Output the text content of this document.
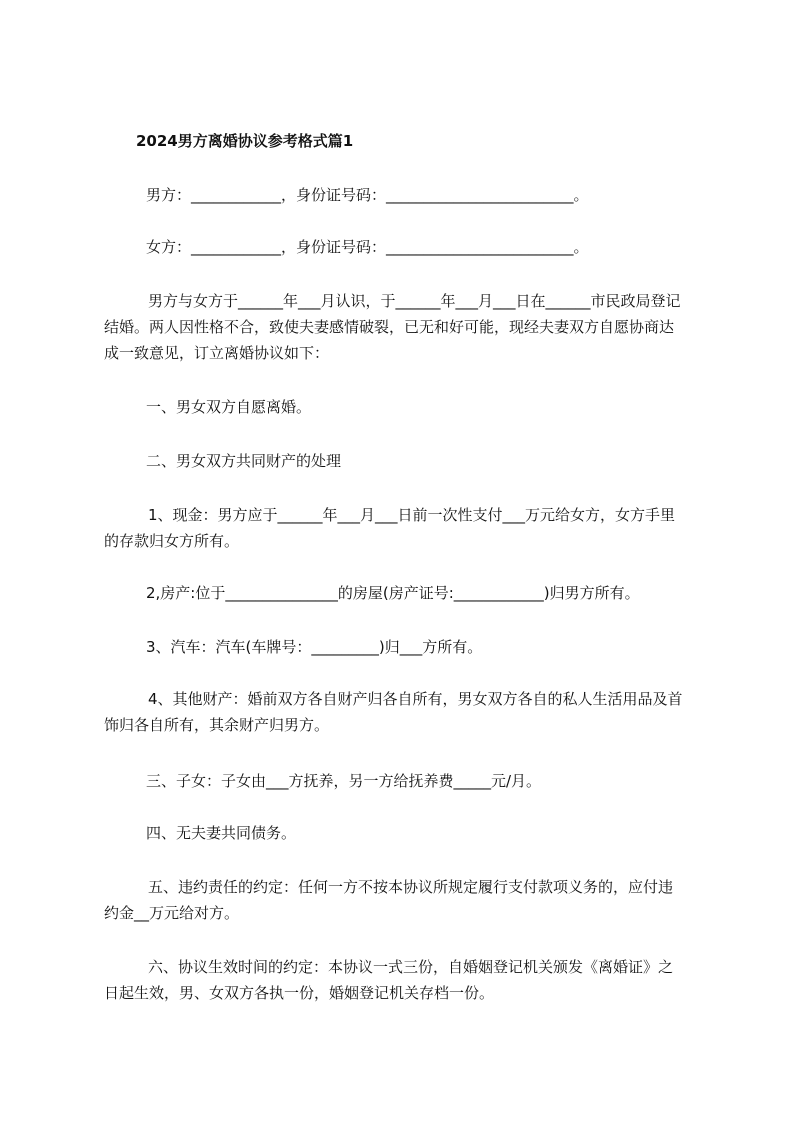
2024男方离婚协议参考格式篇1

男方：____________，身份证号码：_________________________。

女方：____________，身份证号码：_________________________。

男方与女方于______年___月认识，于______年___月___日在______市民政局登记结婚。两人因性格不合，致使夫妻感情破裂，已无和好可能，现经夫妻双方自愿协商达成一致意见，订立离婚协议如下：

一、男女双方自愿离婚。

二、男女双方共同财产的处理

1、现金：男方应于______年___月___日前一次性支付___万元给女方，女方手里的存款归女方所有。

2,房产:位于_______________的房屋(房产证号:____________)归男方所有。

3、汽车：汽车(车牌号：_________)归___方所有。

4、其他财产：婚前双方各自财产归各自所有，男女双方各自的私人生活用品及首饰归各自所有，其余财产归男方。

三、子女：子女由___方抚养，另一方给抚养费_____元/月。

四、无夫妻共同债务。

五、违约责任的约定：任何一方不按本协议所规定履行支付款项义务的，应付违约金__万元给对方。

六、协议生效时间的约定：本协议一式三份，自婚姻登记机关颁发《离婚证》之日起生效，男、女双方各执一份，婚姻登记机关存档一份。
